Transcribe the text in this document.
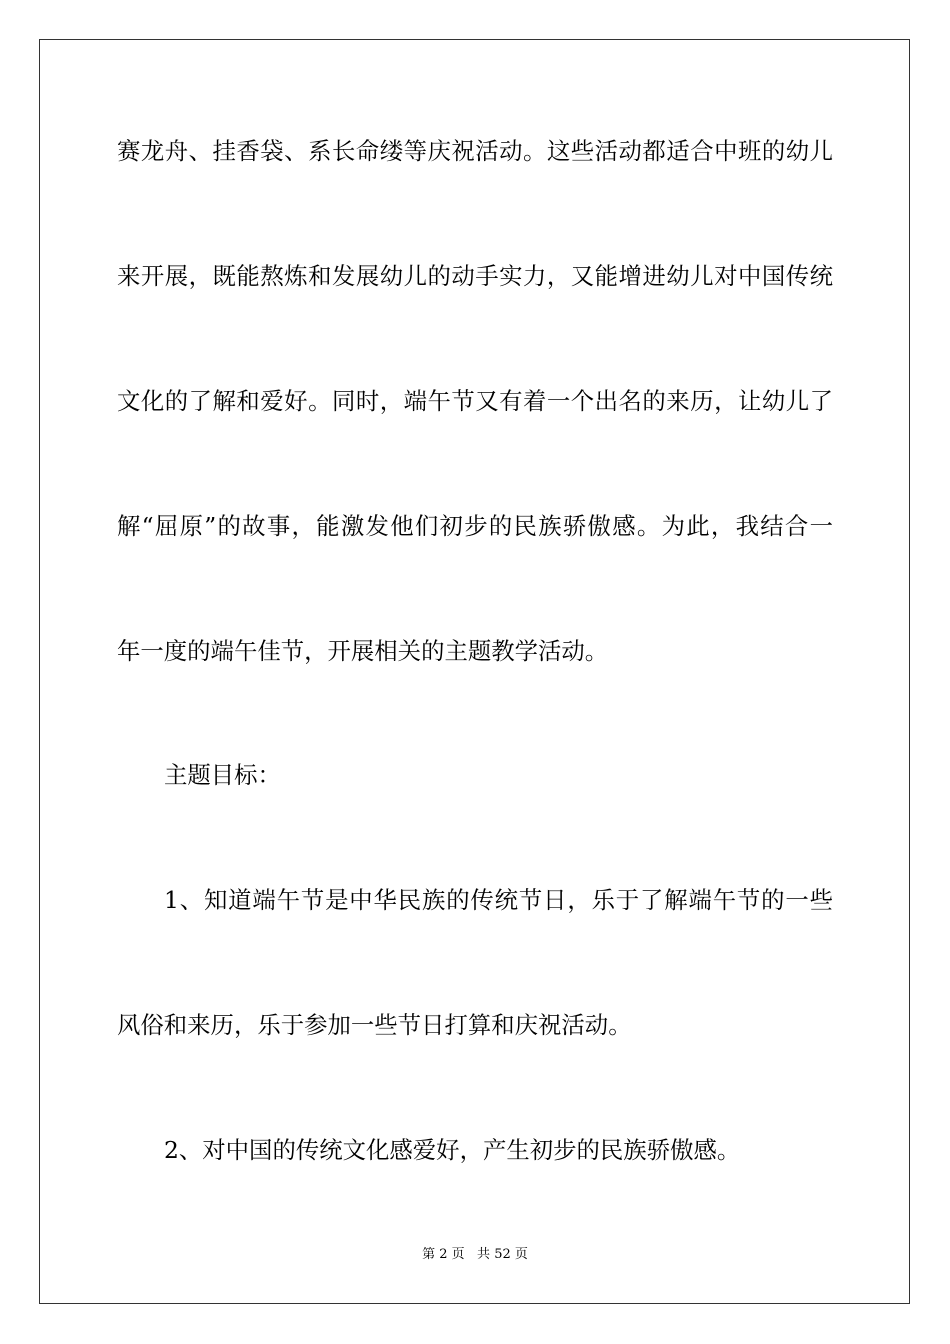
赛龙舟、挂香袋、系长命缕等庆祝活动。这些活动都适合中班的幼儿
来开展，既能熬炼和发展幼儿的动手实力，又能增进幼儿对中国传统
文化的了解和爱好。同时，端午节又有着一个出名的来历，让幼儿了
解“屈原”的故事，能激发他们初步的民族骄傲感。为此，我结合一
年一度的端午佳节，开展相关的主题教学活动。
主题目标：
1、知道端午节是中华民族的传统节日，乐于了解端午节的一些
风俗和来历，乐于参加一些节日打算和庆祝活动。
2、对中国的传统文化感爱好，产生初步的民族骄傲感。
第 2 页   共 52 页
